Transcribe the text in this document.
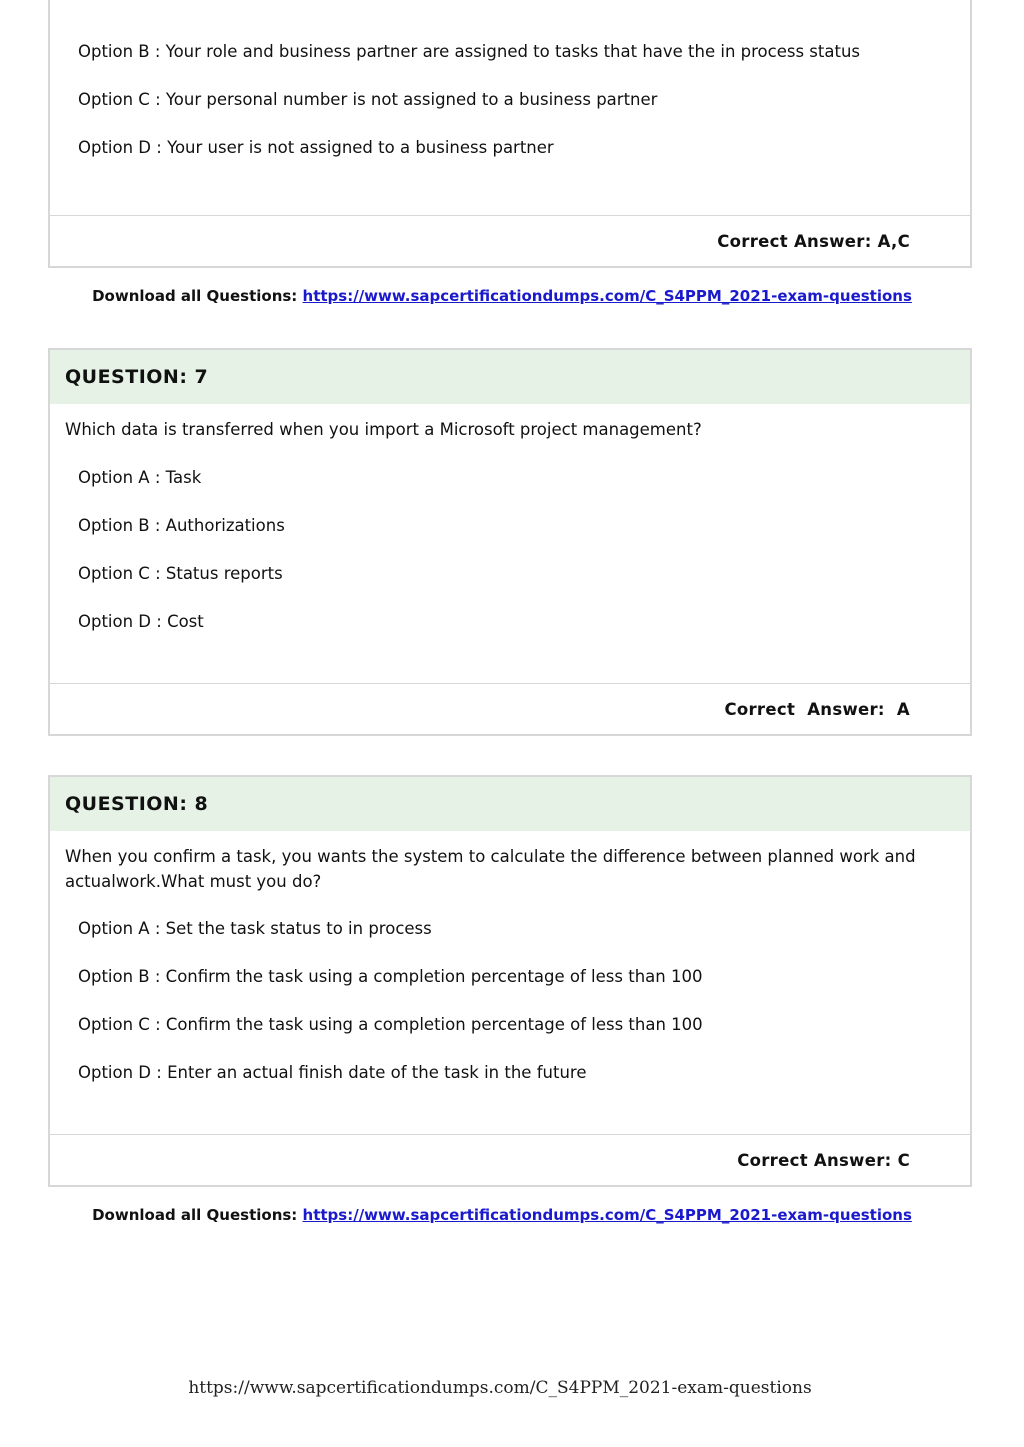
Option B : Your role and business partner are assigned to tasks that have the in process status
Option C : Your personal number is not assigned to a business partner
Option D : Your user is not assigned to a business partner
Correct Answer: A,C
Download all Questions: https://www.sapcertificationdumps.com/C_S4PPM_2021-exam-questions
QUESTION: 7
Which data is transferred when you import a Microsoft project management?
Option A : Task
Option B : Authorizations
Option C : Status reports
Option D : Cost
Correct  Answer:  A
QUESTION: 8
When you confirm a task, you wants the system to calculate the difference between planned work and actualwork.What must you do?
Option A : Set the task status to in process
Option B : Confirm the task using a completion percentage of less than 100
Option C : Confirm the task using a completion percentage of less than 100
Option D : Enter an actual finish date of the task in the future
Correct Answer: C
Download all Questions: https://www.sapcertificationdumps.com/C_S4PPM_2021-exam-questions
https://www.sapcertificationdumps.com/C_S4PPM_2021-exam-questions
